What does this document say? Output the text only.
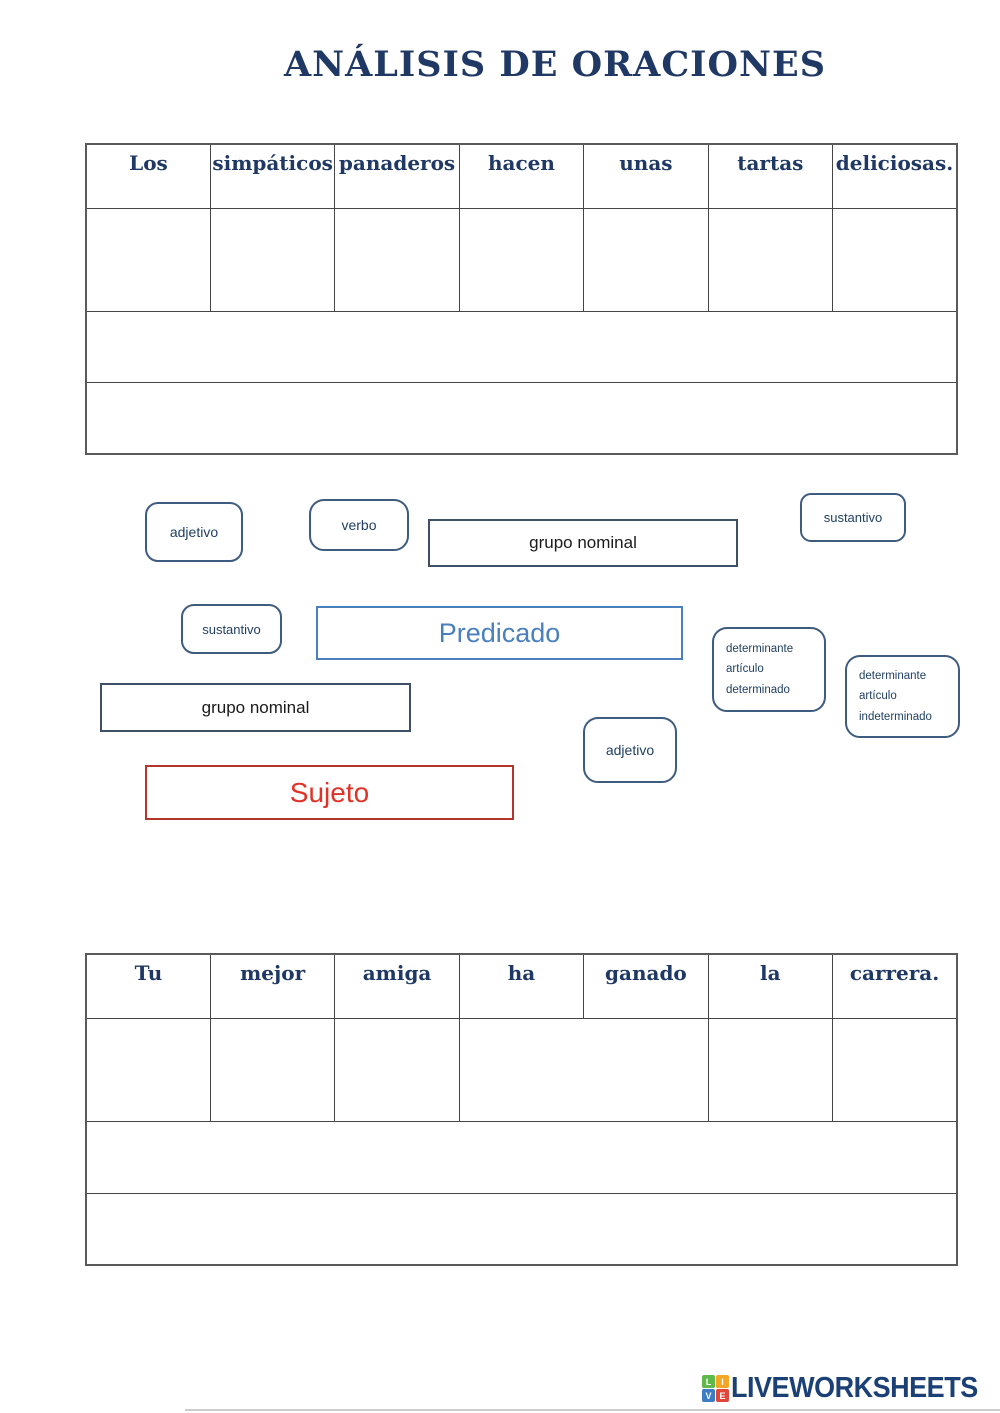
ANÁLISIS DE ORACIONES
Los	simpáticos	panaderos	hacen	unas	tartas	deliciosas.

adjetivo	verbo
grupo nominal
sustantivo
sustantivo	Predicado
determinante
artículo
determinado
determinante
artículo
indeterminado
grupo nominal
adjetivo
Sujeto
Tu	mejor	amiga	ha	ganado	la	carrera.

L	I
V E LIVEWORKSHEETS
